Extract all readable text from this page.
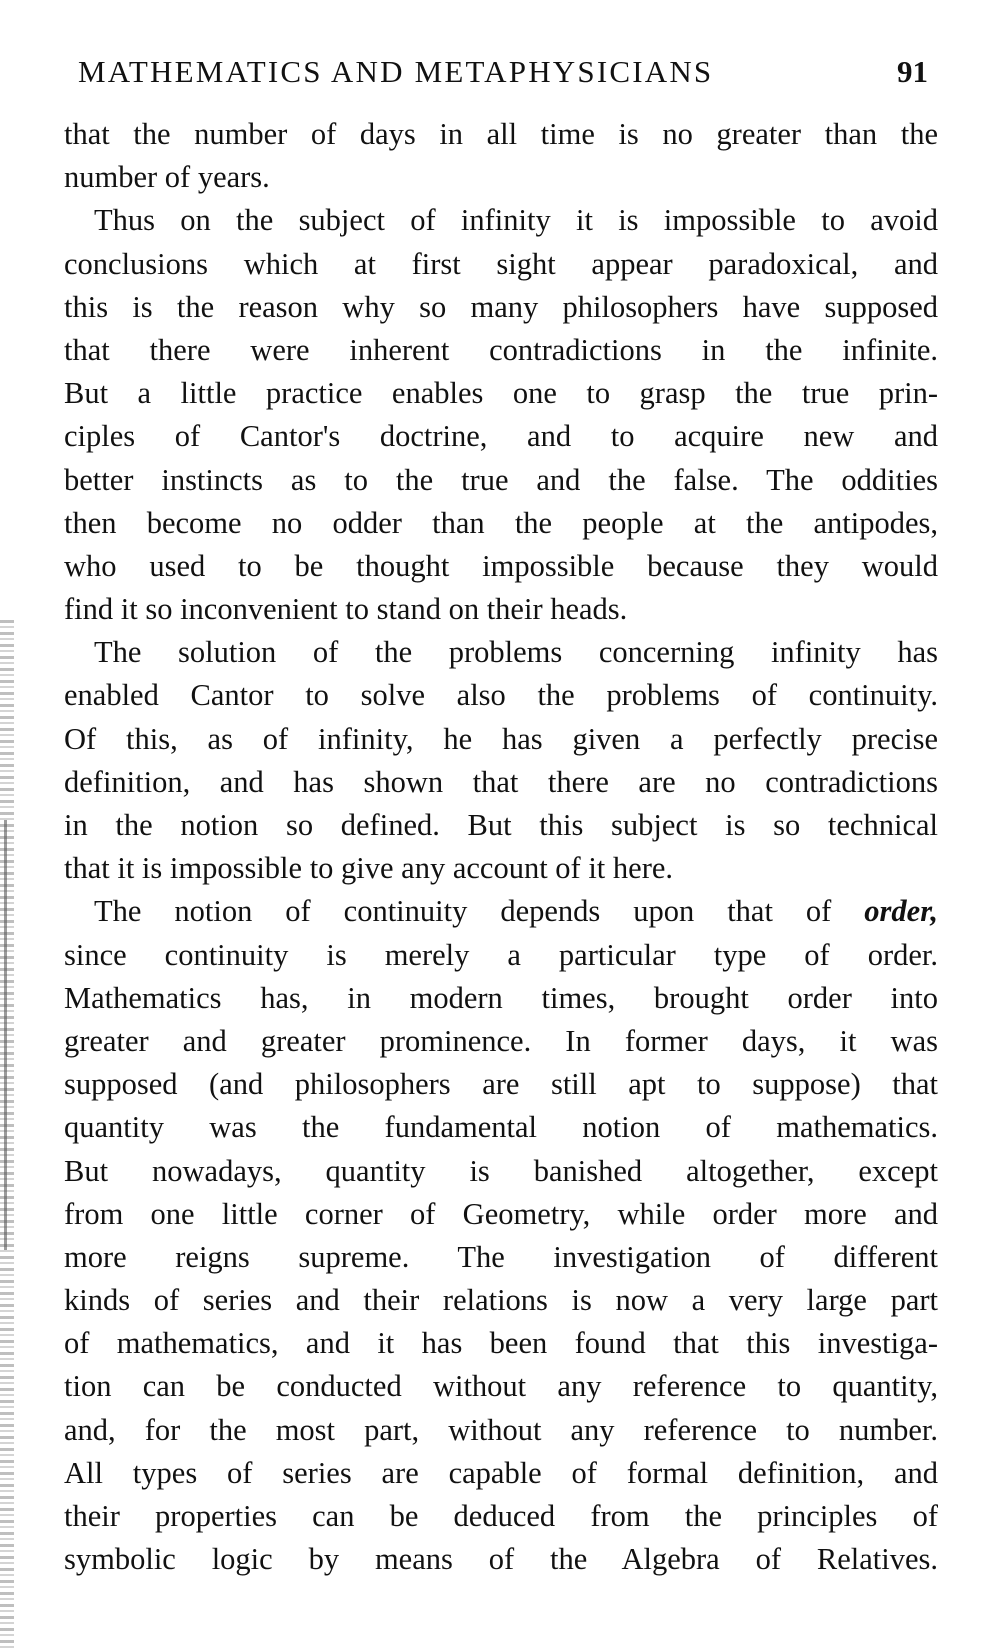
MATHEMATICS AND METAPHYSICIANS	91
that the number of days in all time is no greater than the
number of years.
Thus on the subject of infinity it is impossible to avoid
conclusions which at first sight appear paradoxical, and
this is the reason why so many philosophers have supposed
that there were inherent contradictions in the infinite.
But a little practice enables one to grasp the true prin-
ciples of Cantor's doctrine, and to acquire new and
better instincts as to the true and the false. The oddities
then become no odder than the people at the antipodes,
who used to be thought impossible because they would
find it so inconvenient to stand on their heads.
The solution of the problems concerning infinity has
enabled Cantor to solve also the problems of continuity.
Of this, as of infinity, he has given a perfectly precise
definition, and has shown that there are no contradictions
in the notion so defined. But this subject is so technical
that it is impossible to give any account of it here.
The notion of continuity depends upon that of order,
since continuity is merely a particular type of order.
Mathematics has, in modern times, brought order into
greater and greater prominence. In former days, it was
supposed (and philosophers are still apt to suppose) that
quantity was the fundamental notion of mathematics.
But nowadays, quantity is banished altogether, except
from one little corner of Geometry, while order more and
more reigns supreme. The investigation of different
kinds of series and their relations is now a very large part
of mathematics, and it has been found that this investiga-
tion can be conducted without any reference to quantity,
and, for the most part, without any reference to number.
All types of series are capable of formal definition, and
their properties can be deduced from the principles of
symbolic logic by means of the Algebra of Relatives.
